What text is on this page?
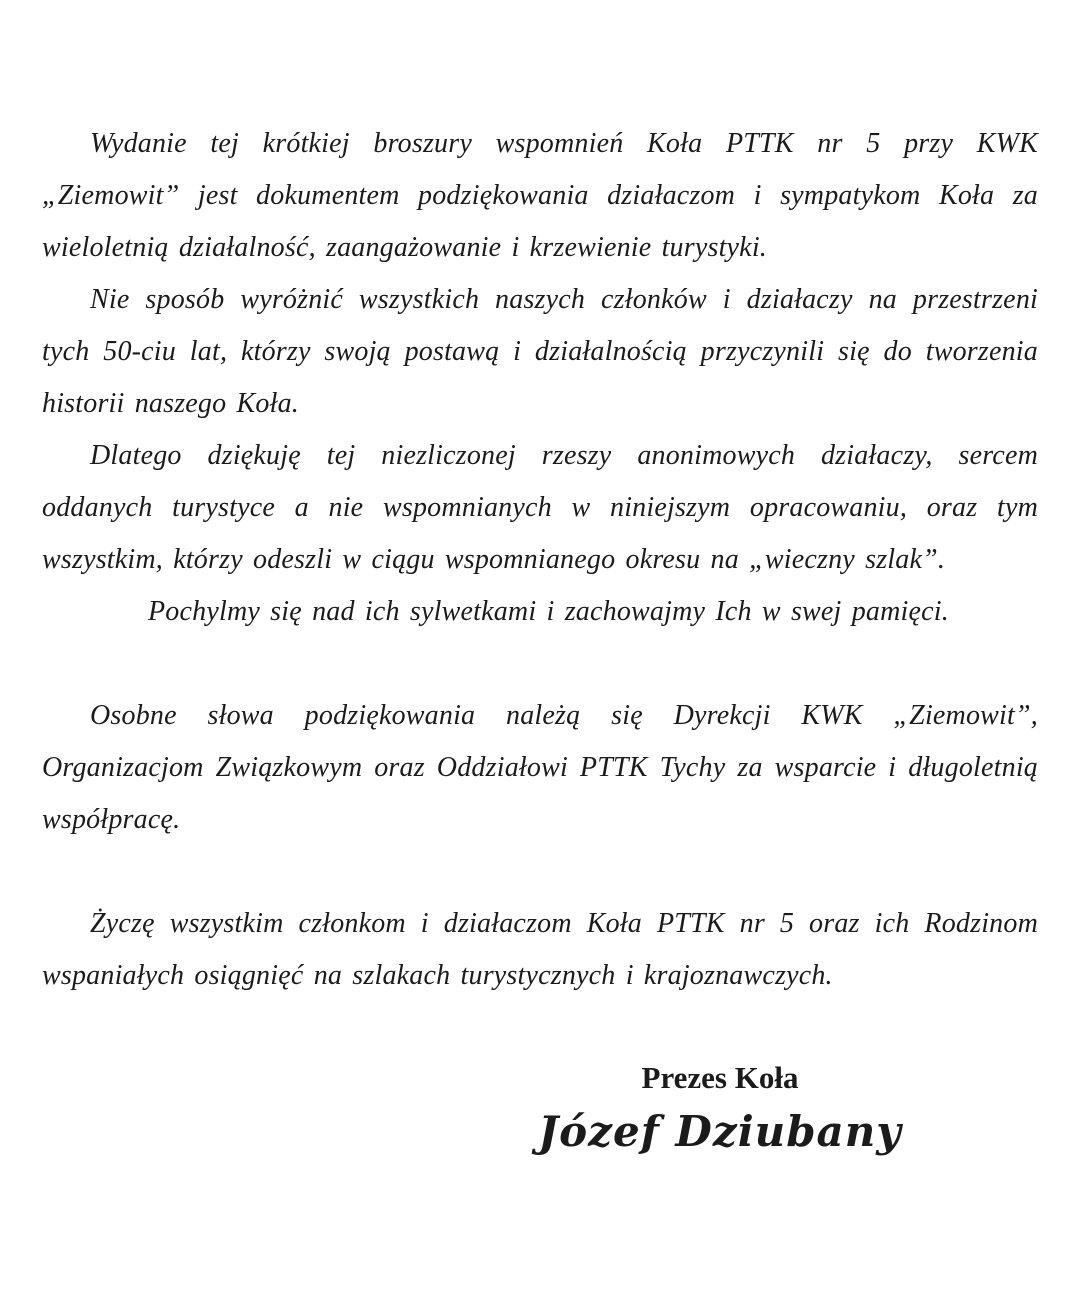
Wydanie tej krótkiej broszury wspomnień Koła PTTK nr 5 przy KWK „Ziemowit” jest dokumentem podziękowania działaczom i sympatykom Koła za wieloletnią działalność, zaangażowanie i krzewienie turystyki.

Nie sposób wyróżnić wszystkich naszych członków i działaczy na przestrzeni tych 50-ciu lat, którzy swoją postawą i działalnością przyczynili się do tworzenia historii naszego Koła.

Dlatego dziękuję tej niezliczonej rzeszy anonimowych działaczy, sercem oddanych turystyce a nie wspomnianych w niniejszym opracowaniu, oraz tym wszystkim, którzy odeszli w ciągu wspomnianego okresu na „wieczny szlak”.

Pochylmy się nad ich sylwetkami i zachowajmy Ich w swej pamięci.

Osobne słowa podziękowania należą się Dyrekcji KWK „Ziemowit”, Organizacjom Związkowym oraz Oddziałowi PTTK Tychy za wsparcie i długoletnią współpracę.

Życzę wszystkim członkom i działaczom Koła PTTK nr 5 oraz ich Rodzinom wspaniałych osiągnięć na szlakach turystycznych i krajoznawczych.

Prezes Koła

Józef Dziubany
